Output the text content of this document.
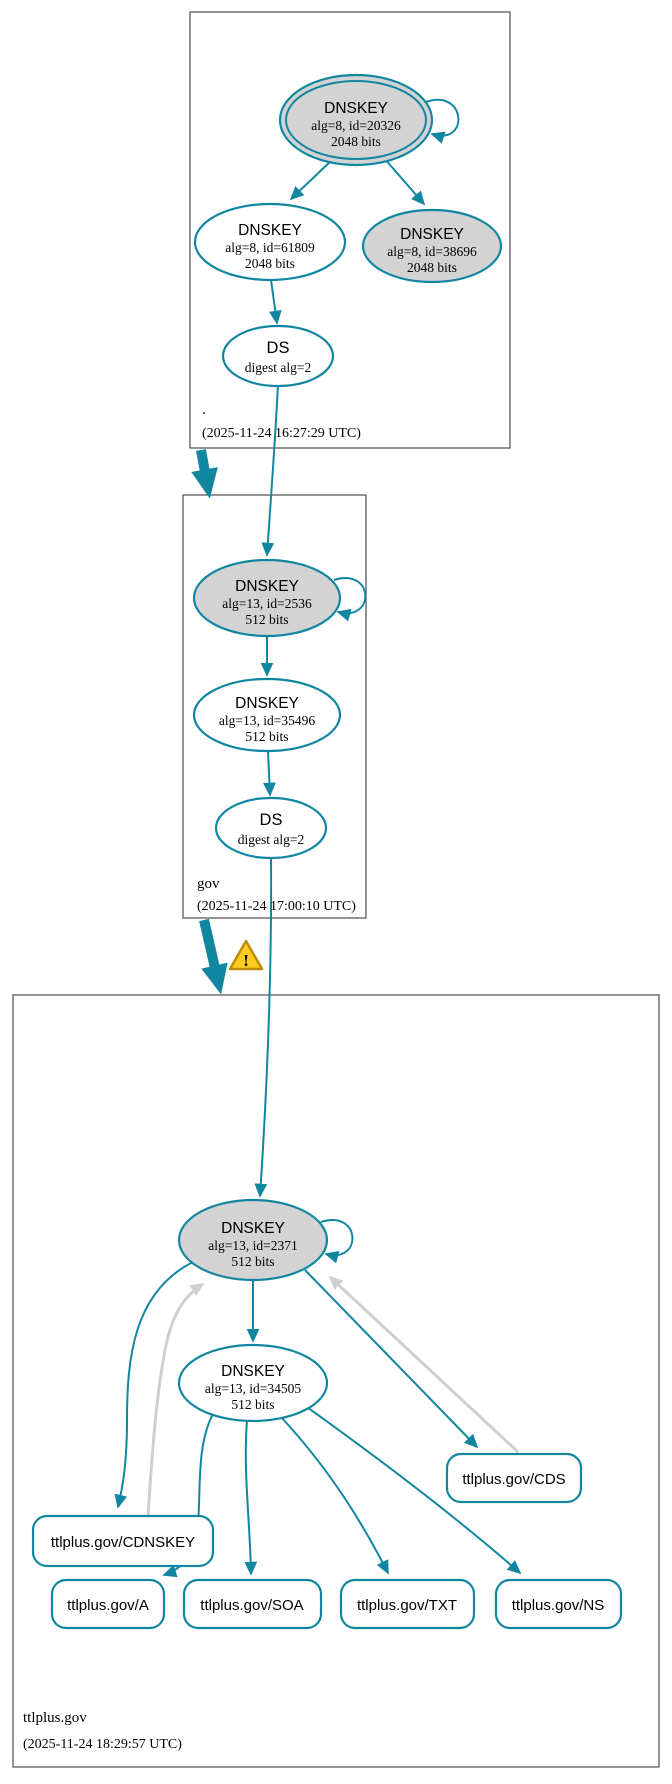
!
DNSKEY
alg=8, id=20326
2048 bits
DNSKEY
alg=8, id=61809
2048 bits
DNSKEY
alg=8, id=38696
2048 bits
DS
digest alg=2
.
(2025-11-24 16:27:29 UTC)
DNSKEY
alg=13, id=2536
512 bits
DNSKEY
alg=13, id=35496
512 bits
DS
digest alg=2
gov
(2025-11-24 17:00:10 UTC)
DNSKEY
alg=13, id=2371
512 bits
DNSKEY
alg=13, id=34505
512 bits
ttlplus.gov/CDNSKEY
ttlplus.gov/CDS
ttlplus.gov/A	ttlplus.gov/SOA	ttlplus.gov/TXT	ttlplus.gov/NS
ttlplus.gov
(2025-11-24 18:29:57 UTC)
